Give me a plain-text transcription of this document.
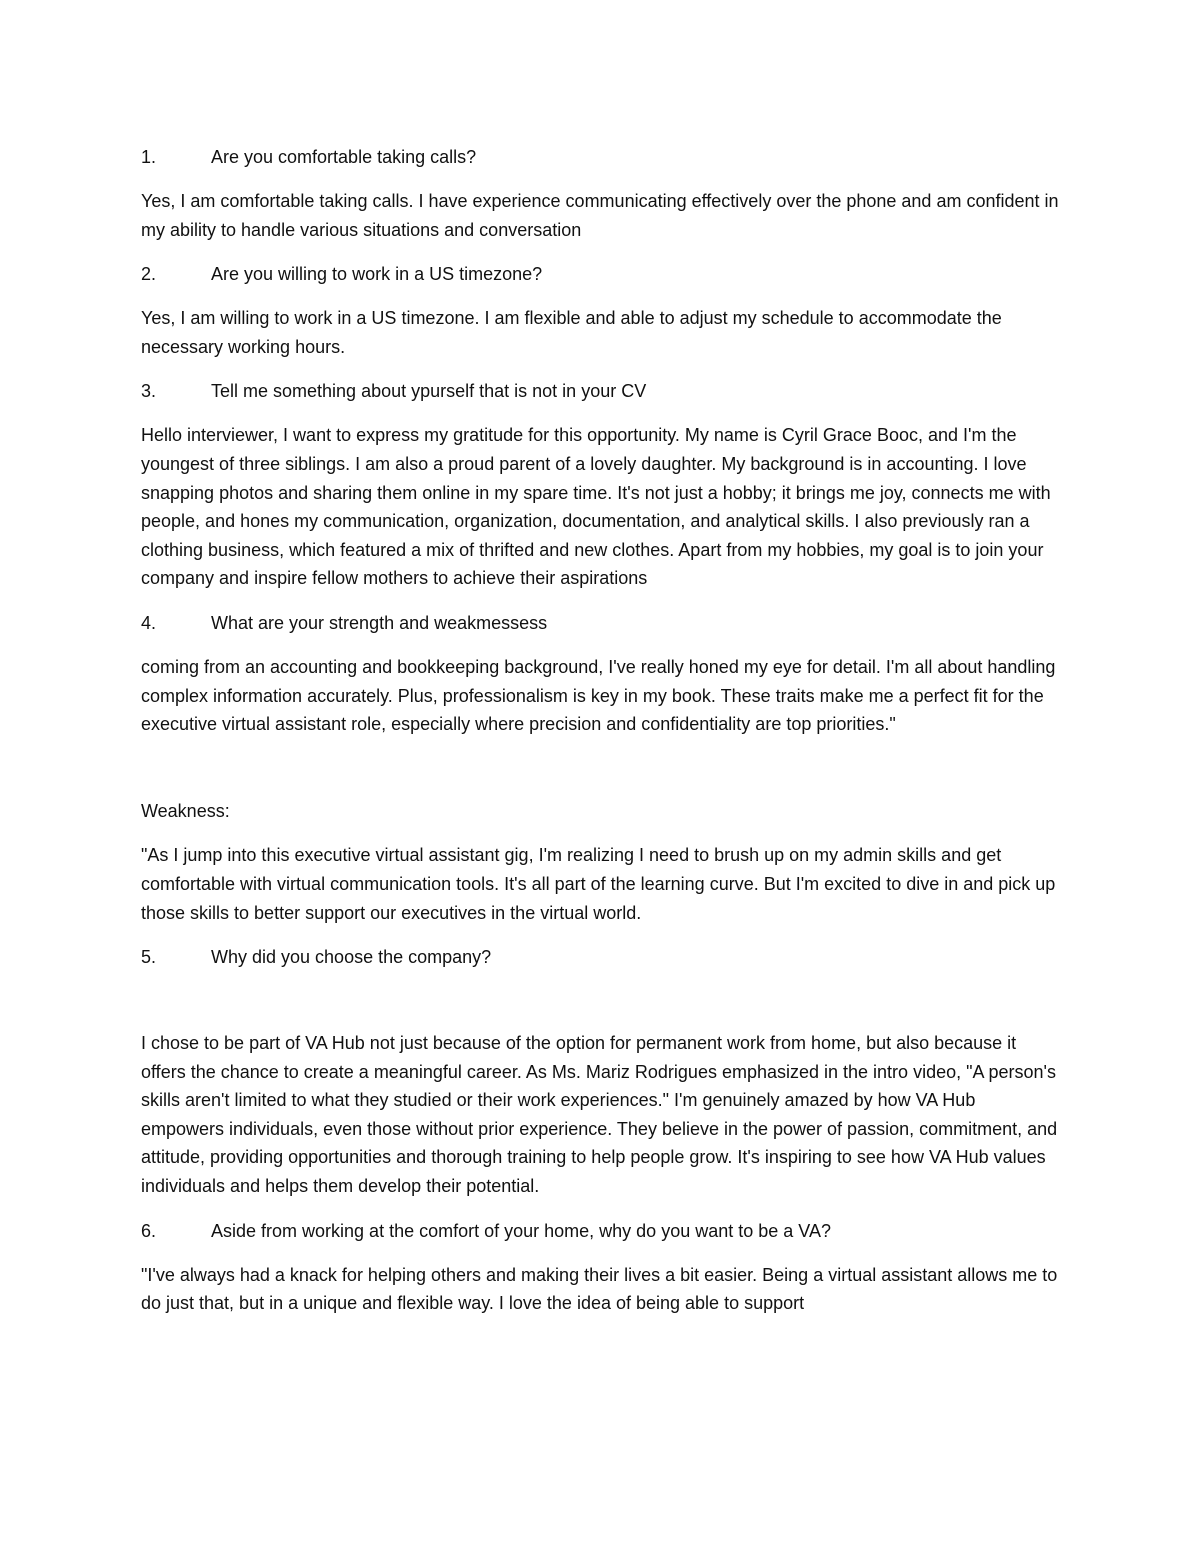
1.	Are you comfortable taking calls?
Yes, I am comfortable taking calls. I have experience communicating effectively over the phone and am confident in my ability to handle various situations and conversation
2.	Are you willing to work in a US timezone?
Yes, I am willing to work in a US timezone. I am flexible and able to adjust my schedule to accommodate the necessary working hours.
3.	Tell me something about ypurself that is not in your CV
Hello interviewer, I want to express my gratitude for this opportunity. My name is Cyril Grace Booc, and I'm the youngest of three siblings. I am also a proud parent of a lovely daughter. My background is in accounting. I love snapping photos and sharing them online in my spare time. It's not just a hobby; it brings me joy, connects me with people, and hones my communication, organization, documentation, and analytical skills. I also previously ran a clothing business, which featured a mix of thrifted and new clothes. Apart from my hobbies, my goal is to join your company and inspire fellow mothers to achieve their aspirations
4.	What are your strength and weakmessess
coming from an accounting and bookkeeping background, I've really honed my eye for detail. I'm all about handling complex information accurately. Plus, professionalism is key in my book. These traits make me a perfect fit for the executive virtual assistant role, especially where precision and confidentiality are top priorities."
Weakness:
"As I jump into this executive virtual assistant gig, I'm realizing I need to brush up on my admin skills and get comfortable with virtual communication tools. It's all part of the learning curve. But I'm excited to dive in and pick up those skills to better support our executives in the virtual world.
5.	Why did you choose the company?
I chose to be part of VA Hub not just because of the option for permanent work from home, but also because it offers the chance to create a meaningful career. As Ms. Mariz Rodrigues emphasized in the intro video, "A person's skills aren't limited to what they studied or their work experiences." I'm genuinely amazed by how VA Hub empowers individuals, even those without prior experience. They believe in the power of passion, commitment, and attitude, providing opportunities and thorough training to help people grow. It's inspiring to see how VA Hub values individuals and helps them develop their potential.
6.	Aside from working at the comfort of your home, why do you want to be a VA?
"I've always had a knack for helping others and making their lives a bit easier. Being a virtual assistant allows me to do just that, but in a unique and flexible way. I love the idea of being able to support
